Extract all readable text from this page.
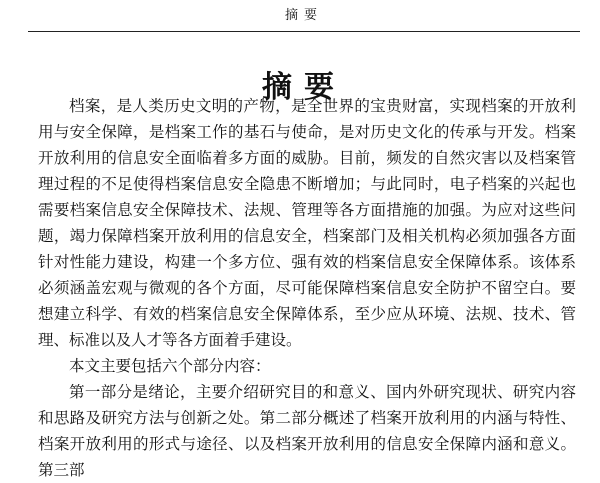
摘要
摘要

档案，是人类历史文明的产物，是全世界的宝贵财富，实现档案的开放利用与安全保障，是档案工作的基石与使命，是对历史文化的传承与开发。档案开放利用的信息安全面临着多方面的威胁。目前，频发的自然灾害以及档案管理过程的不足使得档案信息安全隐患不断增加；与此同时，电子档案的兴起也需要档案信息安全保障技术、法规、管理等各方面措施的加强。为应对这些问题，竭力保障档案开放利用的信息安全，档案部门及相关机构必须加强各方面针对性能力建设，构建一个多方位、强有效的档案信息安全保障体系。该体系必须涵盖宏观与微观的各个方面，尽可能保障档案信息安全防护不留空白。要想建立科学、有效的档案信息安全保障体系，至少应从环境、法规、技术、管理、标准以及人才等各方面着手建设。

本文主要包括六个部分内容：

第一部分是绪论，主要介绍研究目的和意义、国内外研究现状、研究内容和思路及研究方法与创新之处。第二部分概述了档案开放利用的内涵与特性、档案开放利用的形式与途径、以及档案开放利用的信息安全保障内涵和意义。第三部
